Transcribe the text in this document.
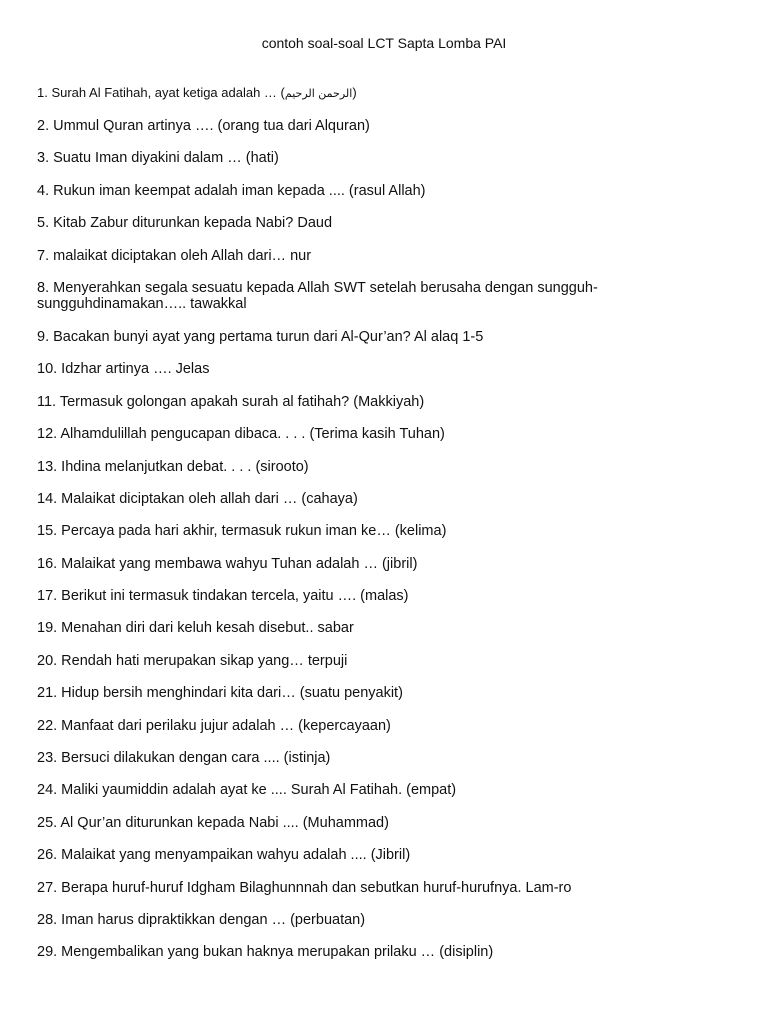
contoh soal-soal LCT Sapta Lomba PAI
1. Surah Al Fatihah, ayat ketiga adalah … (الرحمن الرحيم)
2. Ummul Quran artinya …. (orang tua dari Alquran)
3. Suatu Iman diyakini dalam … (hati)
4. Rukun iman keempat adalah iman kepada .... (rasul Allah)
5. Kitab Zabur diturunkan kepada Nabi? Daud
7. malaikat diciptakan oleh Allah dari… nur
8. Menyerahkan segala sesuatu kepada Allah SWT setelah berusaha dengan sungguh-sungguhdinamakan….. tawakkal
9. Bacakan bunyi ayat yang pertama turun dari Al-Qur’an? Al alaq 1-5
10. Idzhar artinya …. Jelas
11. Termasuk golongan apakah surah al fatihah? (Makkiyah)
12. Alhamdulillah pengucapan dibaca. . . . (Terima kasih Tuhan)
13. Ihdina melanjutkan debat. . . . (sirooto)
14. Malaikat diciptakan oleh allah dari … (cahaya)
15. Percaya pada hari akhir, termasuk rukun iman ke… (kelima)
16. Malaikat yang membawa wahyu Tuhan adalah … (jibril)
17. Berikut ini termasuk tindakan tercela, yaitu …. (malas)
19. Menahan diri dari keluh kesah disebut.. sabar
20. Rendah hati merupakan sikap yang… terpuji
21. Hidup bersih menghindari kita dari… (suatu penyakit)
22. Manfaat dari perilaku jujur adalah … (kepercayaan)
23. Bersuci dilakukan dengan cara .... (istinja)
24. Maliki yaumiddin adalah ayat ke .... Surah Al Fatihah. (empat)
25. Al Qur’an diturunkan kepada Nabi .... (Muhammad)
26. Malaikat yang menyampaikan wahyu adalah .... (Jibril)
27. Berapa huruf-huruf Idgham Bilaghunnnah dan sebutkan huruf-hurufnya. Lam-ro
28. Iman harus dipraktikkan dengan … (perbuatan)
29. Mengembalikan yang bukan haknya merupakan prilaku … (disiplin)
